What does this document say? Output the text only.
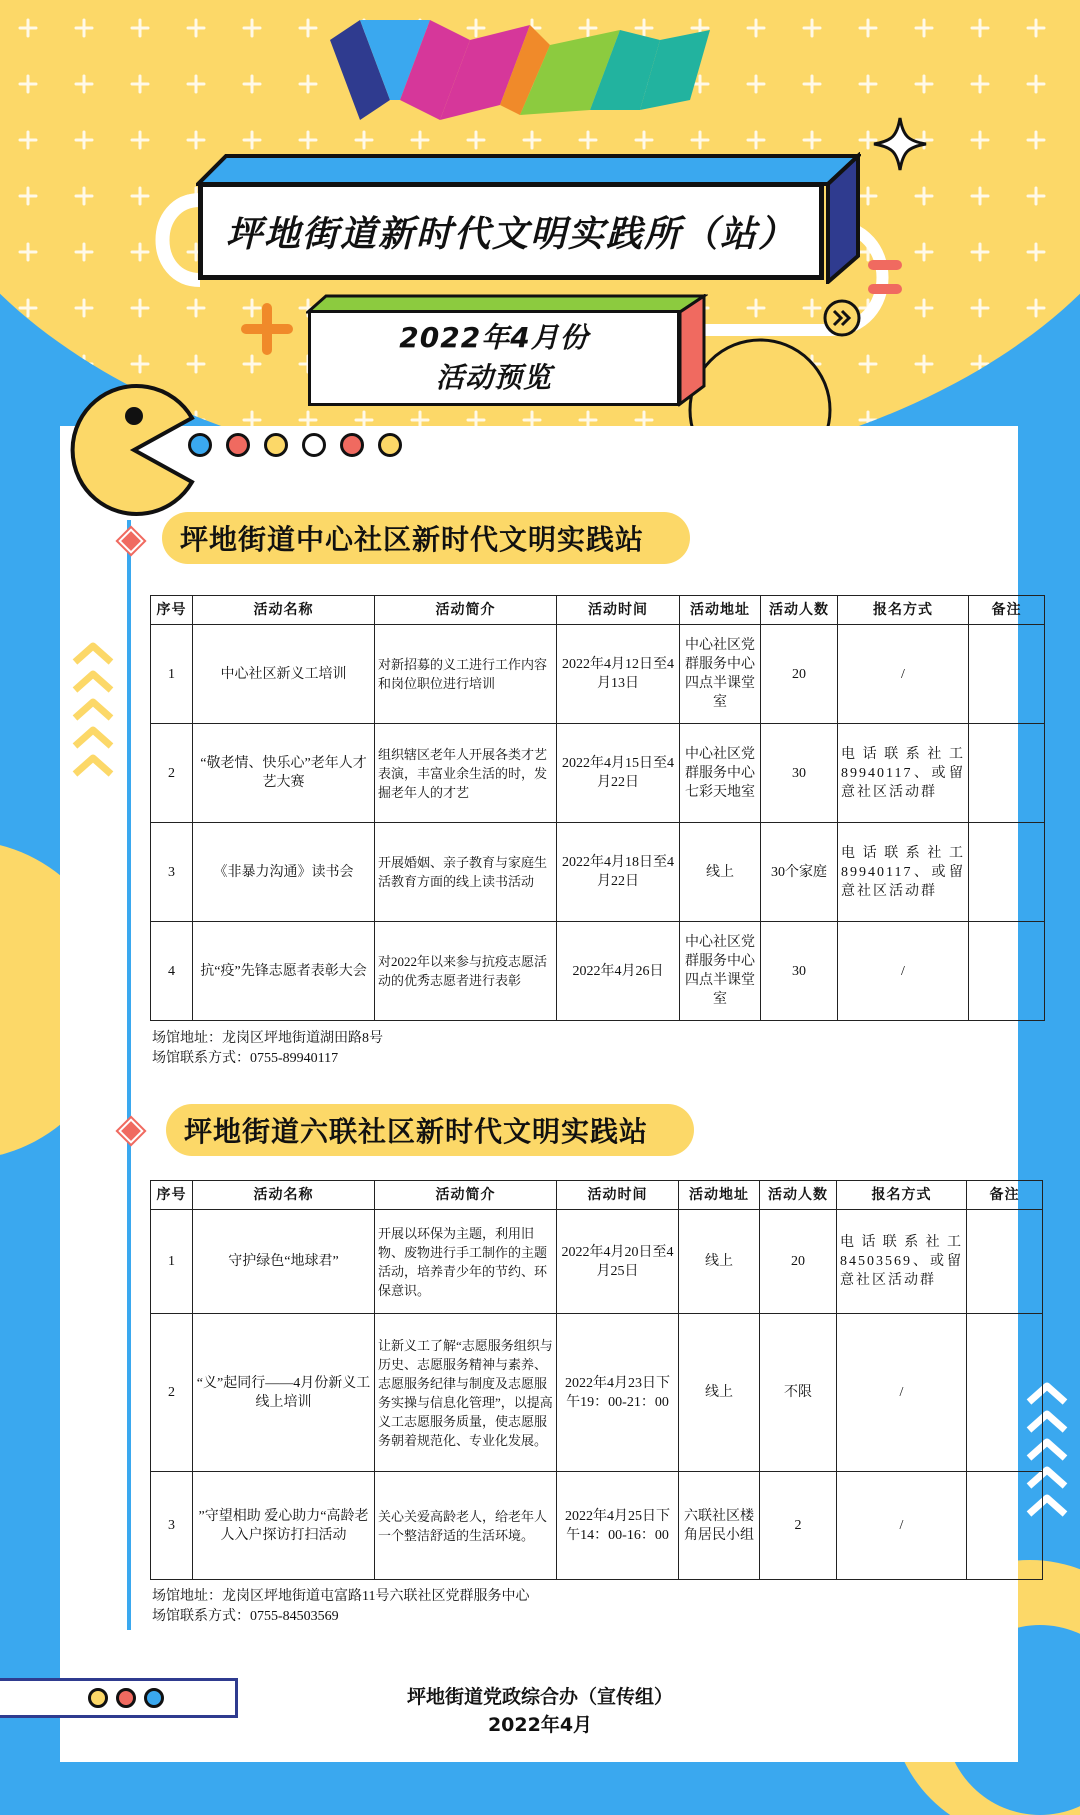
坪地街道新时代文明实践所（站）
2022年4月份
活动预览
坪地街道中心社区新时代文明实践站
序号	活动名称	活动简介	活动时间	活动地址	活动人数	报名方式	备注
1	中心社区新义工培训	对新招募的义工进行工作内容和岗位职位进行培训	2022年4月12日至4月13日	中心社区党群服务中心四点半课堂室	20	/	
2	“敬老情、快乐心”老年人才艺大赛	组织辖区老年人开展各类才艺表演，丰富业余生活的时，发掘老年人的才艺	2022年4月15日至4月22日	中心社区党群服务中心七彩天地室	30	电话联系社工89940117、或留意社区活动群	
3	《非暴力沟通》读书会	开展婚姻、亲子教育与家庭生活教育方面的线上读书活动	2022年4月18日至4月22日	线上	30个家庭	电话联系社工89940117、或留意社区活动群	
4	抗“疫”先锋志愿者表彰大会	对2022年以来参与抗疫志愿活动的优秀志愿者进行表彰	2022年4月26日	中心社区党群服务中心四点半课堂室	30	/	
场馆地址：龙岗区坪地街道湖田路8号
场馆联系方式：0755-89940117
坪地街道六联社区新时代文明实践站
序号	活动名称	活动简介	活动时间	活动地址	活动人数	报名方式	备注
1	守护绿色“地球君”	开展以环保为主题，利用旧物、废物进行手工制作的主题活动，培养青少年的节约、环保意识。	2022年4月20日至4月25日	线上	20	电话联系社工84503569、或留意社区活动群	
2	“义”起同行——4月份新义工线上培训	让新义工了解“志愿服务组织与历史、志愿服务精神与素养、志愿服务纪律与制度及志愿服务实操与信息化管理”，以提高义工志愿服务质量，使志愿服务朝着规范化、专业化发展。	2022年4月23日下午19：00-21：00	线上	不限	/	
3	”守望相助 爱心助力“高龄老人入户探访打扫活动	关心关爱高龄老人，给老年人一个整洁舒适的生活环境。	2022年4月25日下午14：00-16：00	六联社区楼角居民小组	2	/	
场馆地址：龙岗区坪地街道屯富路11号六联社区党群服务中心
场馆联系方式：0755-84503569
坪地街道党政综合办（宣传组）
2022年4月
